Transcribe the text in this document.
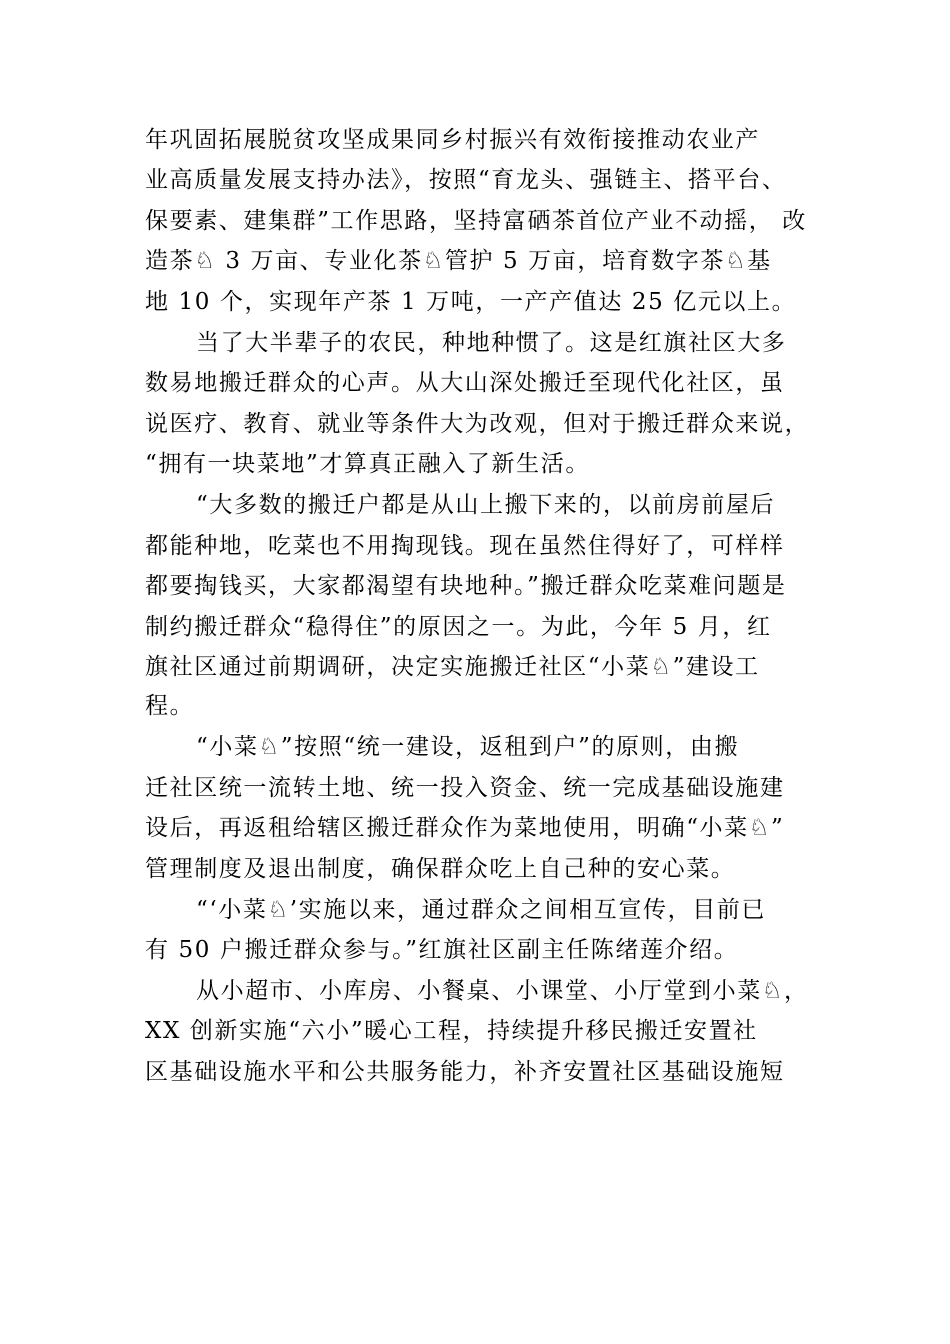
年巩固拓展脱贫攻坚成果同乡村振兴有效衔接推动农业产
业高质量发展支持办法》，按照“育龙头、强链主、搭平台、
保要素、建集群”工作思路，坚持富硒茶首位产业不动摇， 改
造茶♘ 3 万亩、专业化茶♘管护 5 万亩，培育数字茶♘基
地 10 个，实现年产茶 1 万吨，一产产值达 25 亿元以上。
当了大半辈子的农民，种地种惯了。这是红旗社区大多
数易地搬迁群众的心声。从大山深处搬迁至现代化社区，虽
说医疗、教育、就业等条件大为改观，但对于搬迁群众来说，
“拥有一块菜地”才算真正融入了新生活。
“大多数的搬迁户都是从山上搬下来的，以前房前屋后
都能种地，吃菜也不用掏现钱。现在虽然住得好了，可样样
都要掏钱买，大家都渴望有块地种。”搬迁群众吃菜难问题是
制约搬迁群众“稳得住”的原因之一。为此，今年 5 月，红
旗社区通过前期调研，决定实施搬迁社区“小菜♘”建设工
程。
“小菜♘”按照“统一建设，返租到户”的原则，由搬
迁社区统一流转土地、统一投入资金、统一完成基础设施建
设后，再返租给辖区搬迁群众作为菜地使用，明确“小菜♘”
管理制度及退出制度，确保群众吃上自己种的安心菜。
“‘小菜♘’实施以来，通过群众之间相互宣传，目前已
有 50 户搬迁群众参与。”红旗社区副主任陈绪莲介绍。
从小超市、小库房、小餐桌、小课堂、小厅堂到小菜♘，
XX 创新实施“六小”暖心工程，持续提升移民搬迁安置社
区基础设施水平和公共服务能力，补齐安置社区基础设施短
